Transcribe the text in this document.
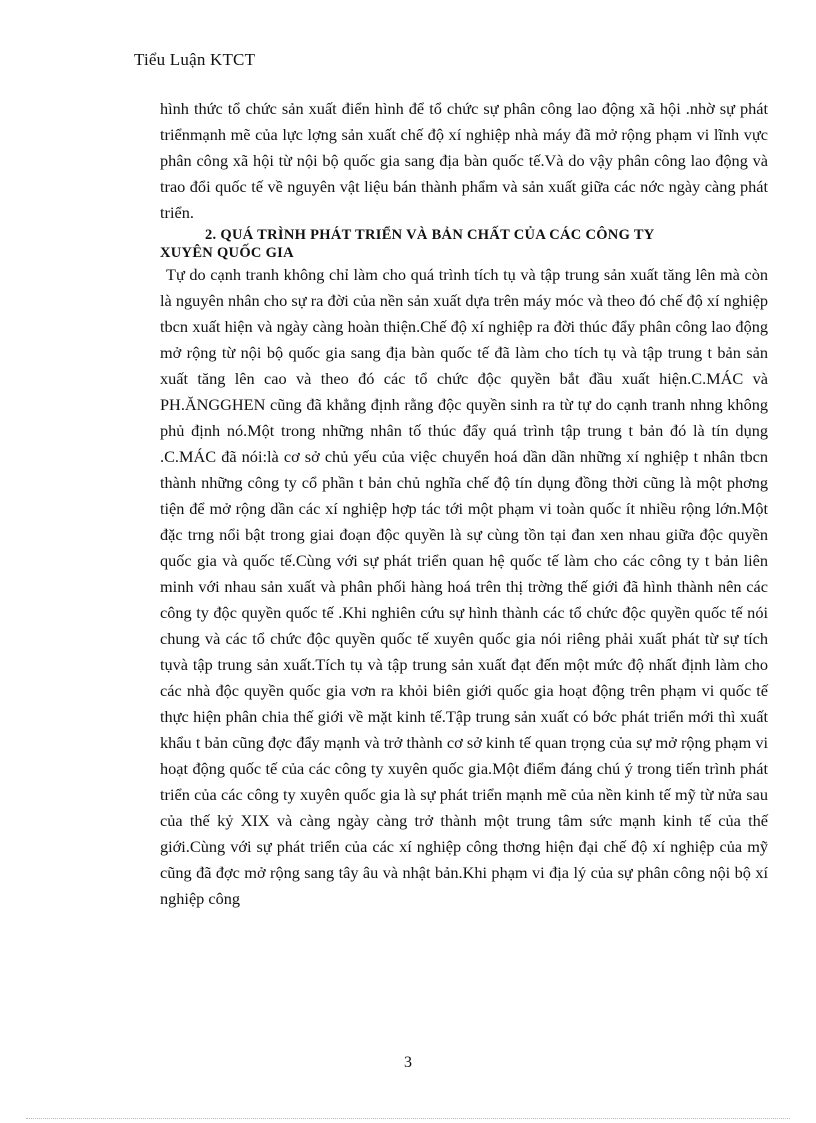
Tiểu Luận KTCT

hình thức tổ chức sản xuất điển hình để tổ chức sự phân công lao động xã hội .nhờ sự phát triểnmạnh mẽ của lực lợng sản xuất chế độ xí nghiệp nhà máy đã mở rộng phạm vi lĩnh vực phân công xã hội từ nội bộ quốc gia sang địa bàn quốc tế.Và do vậy phân công lao động và trao đổi quốc tế về nguyên vật liệu bán thành phẩm và sản xuất giữa các nớc ngày càng phát triển.

2. QUÁ TRÌNH PHÁT TRIỂN VÀ BẢN CHẤT CỦA CÁC CÔNG TY

XUYÊN QUỐC GIA

Tự do cạnh tranh không chỉ làm cho quá trình tích tụ và tập trung sản xuất tăng lên mà còn là nguyên nhân cho sự ra đời của nền sản xuất dựa trên máy móc và theo đó chế độ xí nghiệp tbcn xuất hiện và ngày càng hoàn thiện.Chế độ xí nghiệp ra đời thúc đẩy phân công lao động mở rộng từ nội bộ quốc gia sang địa bàn quốc tế đã làm cho tích tụ và tập trung t bản sản xuất tăng lên cao và theo đó các tổ chức độc quyền bắt đầu xuất hiện.C.MÁC và PH.ĂNGGHEN cũng đã khẳng định rằng độc quyền sinh ra từ tự do cạnh tranh nhng không phủ định nó.Một trong những nhân tố thúc đẩy quá trình tập trung t bản đó là tín dụng .C.MÁC đã nói:là cơ sở chủ yếu của việc chuyển hoá dần dần những xí nghiệp t nhân tbcn thành những công ty cổ phần t bản chủ nghĩa chế độ tín dụng đồng thời cũng là một phơng tiện để mở rộng dần các xí nghiệp hợp tác tới một phạm vi toàn quốc ít nhiều rộng lớn.Một đặc trng nổi bật trong giai đoạn độc quyền là sự cùng tồn tại đan xen nhau giữa độc quyền quốc gia và quốc tế.Cùng với sự phát triển quan hệ quốc tế làm cho các công ty t bản liên minh với nhau sản xuất và phân phối hàng hoá trên thị trờng thế giới đã hình thành nên các công ty độc quyền quốc tế .Khi nghiên cứu sự hình thành các tổ chức độc quyền quốc tế nói chung và các tổ chức độc quyền quốc tế xuyên quốc gia nói riêng phải xuất phát từ sự tích tụvà tập trung sản xuất.Tích tụ và tập trung sản xuất đạt đến một mức độ nhất định làm cho các nhà độc quyền quốc gia vơn ra khỏi biên giới quốc gia hoạt động trên phạm vi quốc tế thực hiện phân chia thế giới về mặt kinh tế.Tập trung sản xuất có bớc phát triển mới thì xuất khẩu t bản cũng đợc đẩy mạnh và trở thành cơ sở kinh tế quan trọng của sự mở rộng phạm vi hoạt động quốc tế của các công ty xuyên quốc gia.Một điểm đáng chú ý trong tiến trình phát triển của các công ty xuyên quốc gia là sự phát triển mạnh mẽ của nền kinh tế mỹ từ nửa sau của thế kỷ XIX và càng ngày càng trở thành một trung tâm sức mạnh kinh tế của thế giới.Cùng với sự phát triển của các xí nghiệp công thơng hiện đại chế độ xí nghiệp của mỹ cũng đã đợc mở rộng sang tây âu và nhật bản.Khi phạm vi địa lý của sự phân công nội bộ xí nghiệp công

3
